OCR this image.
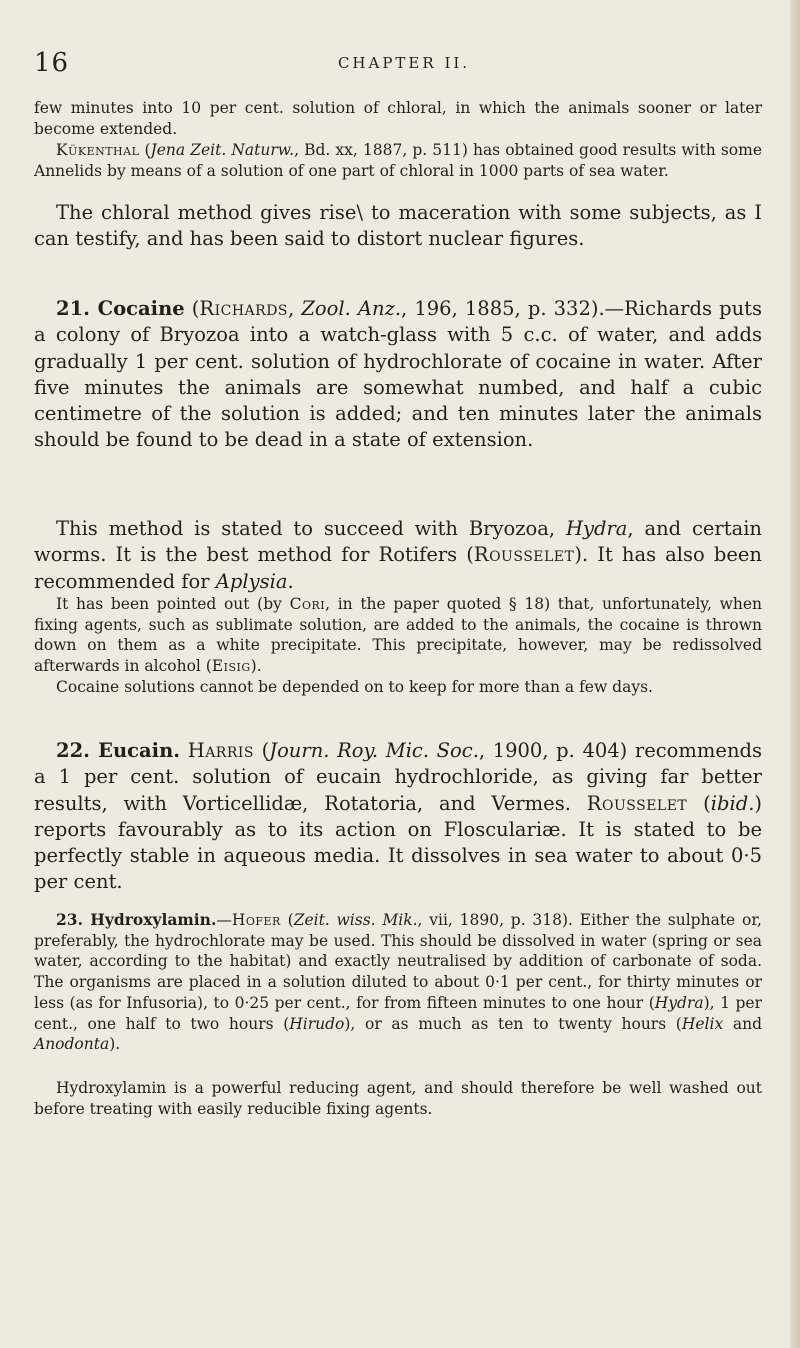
16	CHAPTER II.

few minutes into 10 per cent. solution of chloral, in which the animals sooner or later become extended.

Kükenthal (Jena Zeit. Naturw., Bd. xx, 1887, p. 511) has obtained good results with some Annelids by means of a solution of one part of chloral in 1000 parts of sea water.

The chloral method gives rise\ to maceration with some subjects, as I can testify, and has been said to distort nuclear figures.

21. Cocaine (Richards, Zool. Anz., 196, 1885, p. 332).—Richards puts a colony of Bryozoa into a watch-glass with 5 c.c. of water, and adds gradually 1 per cent. solution of hydrochlorate of cocaine in water. After five minutes the animals are somewhat numbed, and half a cubic centimetre of the solution is added; and ten minutes later the animals should be found to be dead in a state of extension.

This method is stated to succeed with Bryozoa, Hydra, and certain worms. It is the best method for Rotifers (Rousselet). It has also been recommended for Aplysia.

It has been pointed out (by Cori, in the paper quoted § 18) that, unfortunately, when fixing agents, such as sublimate solution, are added to the animals, the cocaine is thrown down on them as a white precipitate. This precipitate, however, may be redissolved afterwards in alcohol (Eisig).

Cocaine solutions cannot be depended on to keep for more than a few days.

22. Eucain. Harris (Journ. Roy. Mic. Soc., 1900, p. 404) recommends a 1 per cent. solution of eucain hydrochloride, as giving far better results, with Vorticellidæ, Rotatoria, and Vermes. Rousselet (ibid.) reports favourably as to its action on Flosculariæ. It is stated to be perfectly stable in aqueous media. It dissolves in sea water to about 0·5 per cent.

23. Hydroxylamin.—Hofer (Zeit. wiss. Mik., vii, 1890, p. 318). Either the sulphate or, preferably, the hydrochlorate may be used. This should be dissolved in water (spring or sea water, according to the habitat) and exactly neutralised by addition of carbonate of soda. The organisms are placed in a solution diluted to about 0·1 per cent., for thirty minutes or less (as for Infusoria), to 0·25 per cent., for from fifteen minutes to one hour (Hydra), 1 per cent., one half to two hours (Hirudo), or as much as ten to twenty hours (Helix and Anodonta).

Hydroxylamin is a powerful reducing agent, and should therefore be well washed out before treating with easily reducible fixing agents.
